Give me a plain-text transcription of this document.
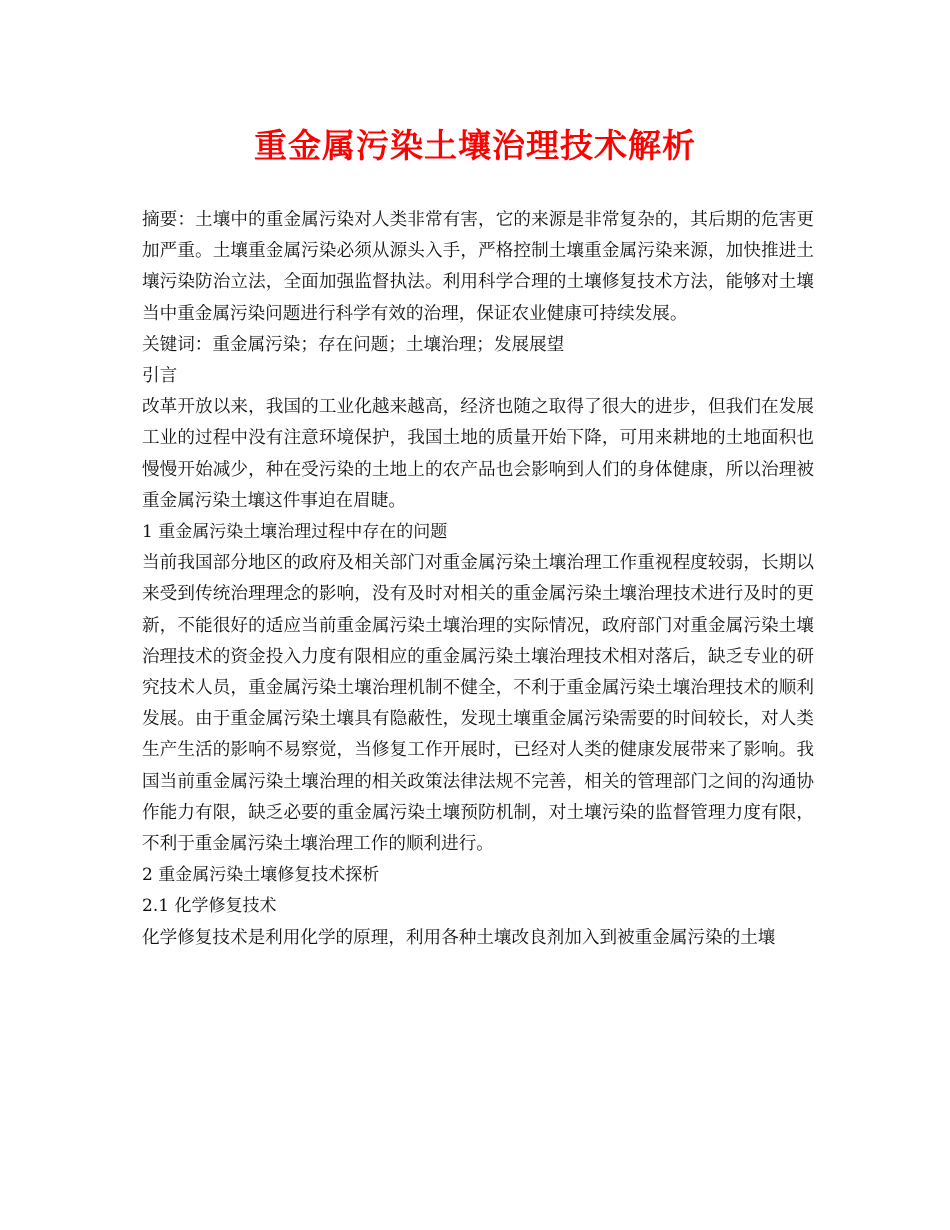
重金属污染土壤治理技术解析

摘要：土壤中的重金属污染对人类非常有害，它的来源是非常复杂的，其后期的危害更加严重。土壤重金属污染必须从源头入手，严格控制土壤重金属污染来源，加快推进土壤污染防治立法，全面加强监督执法。利用科学合理的土壤修复技术方法，能够对土壤当中重金属污染问题进行科学有效的治理，保证农业健康可持续发展。

关键词：重金属污染；存在问题；土壤治理；发展展望

引言

改革开放以来，我国的工业化越来越高，经济也随之取得了很大的进步，但我们在发展工业的过程中没有注意环境保护，我国土地的质量开始下降，可用来耕地的土地面积也慢慢开始减少，种在受污染的土地上的农产品也会影响到人们的身体健康，所以治理被重金属污染土壤这件事迫在眉睫。

1 重金属污染土壤治理过程中存在的问题

当前我国部分地区的政府及相关部门对重金属污染土壤治理工作重视程度较弱，长期以来受到传统治理理念的影响，没有及时对相关的重金属污染土壤治理技术进行及时的更新，不能很好的适应当前重金属污染土壤治理的实际情况，政府部门对重金属污染土壤治理技术的资金投入力度有限相应的重金属污染土壤治理技术相对落后，缺乏专业的研究技术人员，重金属污染土壤治理机制不健全，不利于重金属污染土壤治理技术的顺利发展。由于重金属污染土壤具有隐蔽性，发现土壤重金属污染需要的时间较长，对人类生产生活的影响不易察觉，当修复工作开展时，已经对人类的健康发展带来了影响。我国当前重金属污染土壤治理的相关政策法律法规不完善，相关的管理部门之间的沟通协作能力有限，缺乏必要的重金属污染土壤预防机制，对土壤污染的监督管理力度有限，不利于重金属污染土壤治理工作的顺利进行。

2 重金属污染土壤修复技术探析

2.1 化学修复技术

化学修复技术是利用化学的原理，利用各种土壤改良剂加入到被重金属污染的土壤
